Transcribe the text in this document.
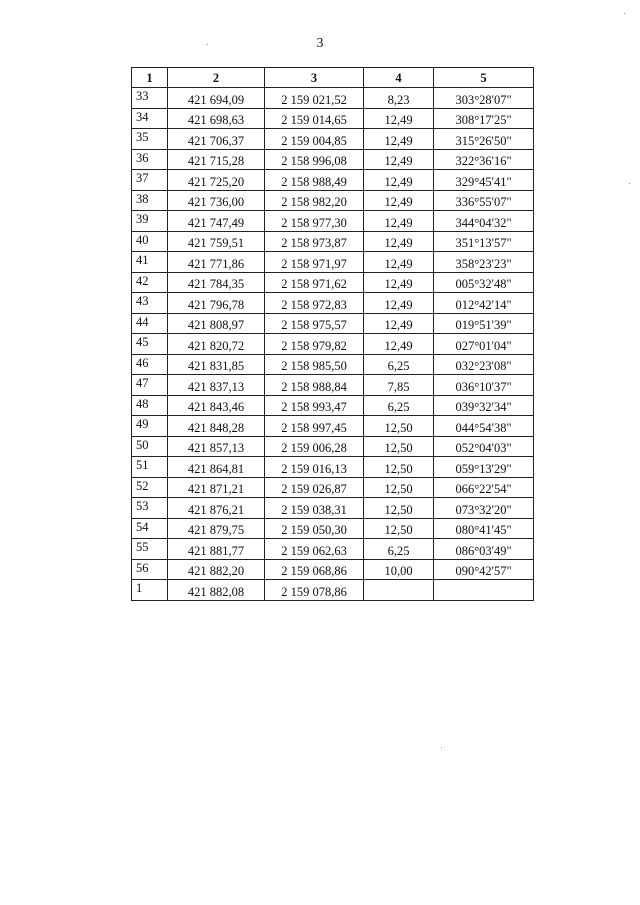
3
1	2	3	4	5
33	421 694,09	2 159 021,52	8,23	303°28'07"
34	421 698,63	2 159 014,65	12,49	308°17'25"
35	421 706,37	2 159 004,85	12,49	315°26'50"
36	421 715,28	2 158 996,08	12,49	322°36'16"
37	421 725,20	2 158 988,49	12,49	329°45'41"
38	421 736,00	2 158 982,20	12,49	336°55'07"
39	421 747,49	2 158 977,30	12,49	344°04'32"
40	421 759,51	2 158 973,87	12,49	351°13'57"
41	421 771,86	2 158 971,97	12,49	358°23'23"
42	421 784,35	2 158 971,62	12,49	005°32'48"
43	421 796,78	2 158 972,83	12,49	012°42'14"
44	421 808,97	2 158 975,57	12,49	019°51'39"
45	421 820,72	2 158 979,82	12,49	027°01'04"
46	421 831,85	2 158 985,50	6,25	032°23'08"
47	421 837,13	2 158 988,84	7,85	036°10'37"
48	421 843,46	2 158 993,47	6,25	039°32'34"
49	421 848,28	2 158 997,45	12,50	044°54'38"
50	421 857,13	2 159 006,28	12,50	052°04'03"
51	421 864,81	2 159 016,13	12,50	059°13'29"
52	421 871,21	2 159 026,87	12,50	066°22'54"
53	421 876,21	2 159 038,31	12,50	073°32'20"
54	421 879,75	2 159 050,30	12,50	080°41'45"
55	421 881,77	2 159 062,63	6,25	086°03'49"
56	421 882,20	2 159 068,86	10,00	090°42'57"
1	421 882,08	2 159 078,86		
